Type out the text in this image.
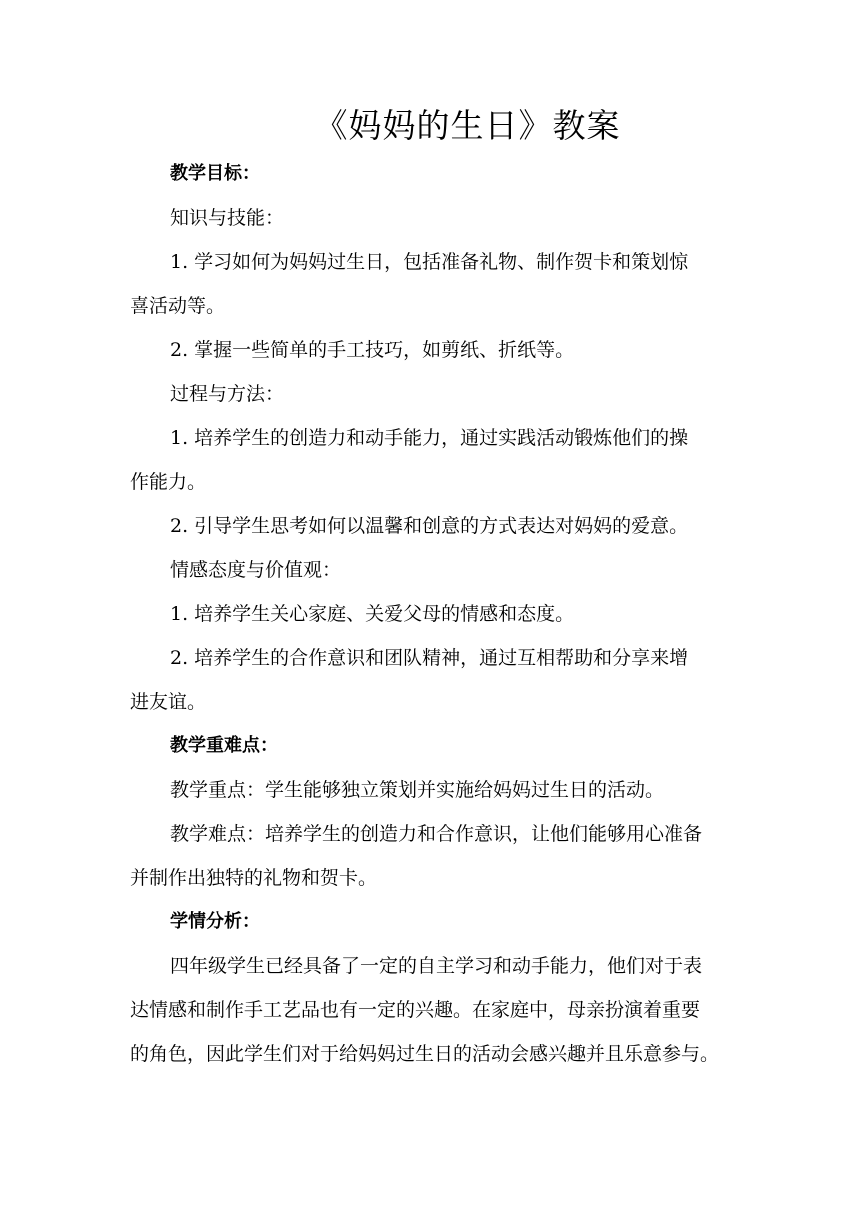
《妈妈的生日》教案

教学目标：

知识与技能：

1. 学习如何为妈妈过生日，包括准备礼物、制作贺卡和策划惊

喜活动等。

2. 掌握一些简单的手工技巧，如剪纸、折纸等。

过程与方法：

1. 培养学生的创造力和动手能力，通过实践活动锻炼他们的操

作能力。

2. 引导学生思考如何以温馨和创意的方式表达对妈妈的爱意。

情感态度与价值观：

1. 培养学生关心家庭、关爱父母的情感和态度。

2. 培养学生的合作意识和团队精神，通过互相帮助和分享来增

进友谊。

教学重难点：

教学重点：学生能够独立策划并实施给妈妈过生日的活动。

教学难点：培养学生的创造力和合作意识，让他们能够用心准备

并制作出独特的礼物和贺卡。

学情分析：

四年级学生已经具备了一定的自主学习和动手能力，他们对于表

达情感和制作手工艺品也有一定的兴趣。在家庭中，母亲扮演着重要

的角色，因此学生们对于给妈妈过生日的活动会感兴趣并且乐意参与。
